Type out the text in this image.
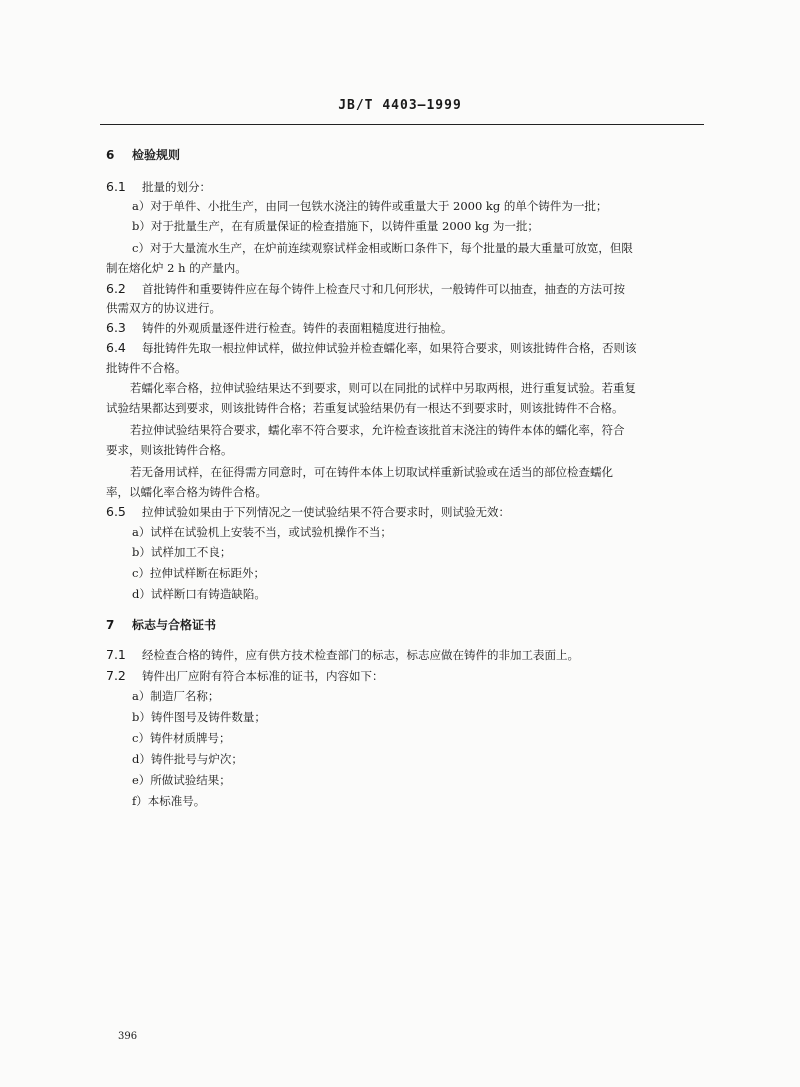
JB/T 4403—1999
6 检验规则
6.1 批量的划分：
a）对于单件、小批生产，由同一包铁水浇注的铸件或重量大于 2000 kg 的单个铸件为一批；
b）对于批量生产，在有质量保证的检查措施下，以铸件重量 2000 kg 为一批；
c）对于大量流水生产，在炉前连续观察试样金相或断口条件下，每个批量的最大重量可放宽，但限
制在熔化炉 2 h 的产量内。
6.2 首批铸件和重要铸件应在每个铸件上检查尺寸和几何形状，一般铸件可以抽查，抽查的方法可按
供需双方的协议进行。
6.3 铸件的外观质量逐件进行检查。铸件的表面粗糙度进行抽检。
6.4 每批铸件先取一根拉伸试样，做拉伸试验并检查蠕化率，如果符合要求，则该批铸件合格，否则该
批铸件不合格。
若蠕化率合格，拉伸试验结果达不到要求，则可以在同批的试样中另取两根，进行重复试验。若重复
试验结果都达到要求，则该批铸件合格；若重复试验结果仍有一根达不到要求时，则该批铸件不合格。
若拉伸试验结果符合要求，蠕化率不符合要求，允许检查该批首末浇注的铸件本体的蠕化率，符合
要求，则该批铸件合格。
若无备用试样，在征得需方同意时，可在铸件本体上切取试样重新试验或在适当的部位检查蠕化
率，以蠕化率合格为铸件合格。
6.5 拉伸试验如果由于下列情况之一使试验结果不符合要求时，则试验无效：
a）试样在试验机上安装不当，或试验机操作不当；
b）试样加工不良；
c）拉伸试样断在标距外；
d）试样断口有铸造缺陷。
7 标志与合格证书
7.1 经检查合格的铸件，应有供方技术检查部门的标志，标志应做在铸件的非加工表面上。
7.2 铸件出厂应附有符合本标准的证书，内容如下：
a）制造厂名称；
b）铸件图号及铸件数量；
c）铸件材质牌号；
d）铸件批号与炉次；
e）所做试验结果；
f）本标准号。
396
